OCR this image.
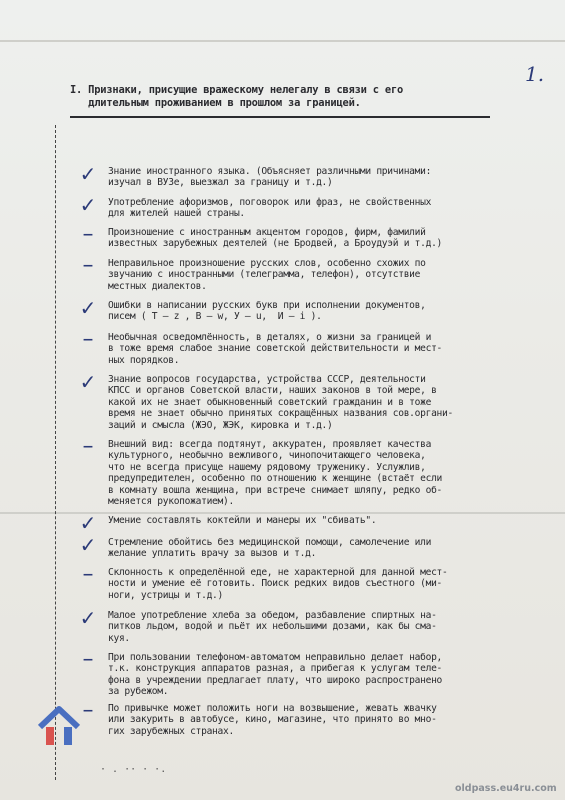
1.
I. Признаки, присущие вражескому нелегалу в связи с его
длительным проживанием в прошлом за границей.
✓	Знание иностранного языка. (Объясняет различными причинами:
изучал в ВУЗе, выезжал за границу и т.д.)
✓	Употребление афоризмов, поговорок или фраз, не свойственных
для жителей нашей страны.
–	Произношение с иностранным акцентом городов, фирм, фамилий
известных зарубежных деятелей (не Бродвей, а Броудуэй и т.д.)
–	Неправильное произношение русских слов, особенно схожих по
звучанию с иностранными (телеграмма, телефон), отсутствие
местных диалектов.
✓	Ошибки в написании русских букв при исполнении документов,
писем ( Т – z , В – w, У – u,  И – i ).
–	Необычная осведомлённость, в деталях, о жизни за границей и
в тоже время слабое знание советской действительности и мест-
ных порядков.
✓	Знание вопросов государства, устройства СССР, деятельности
КПСС и органов Советской власти, наших законов в той мере, в
какой их не знает обыкновенный советский гражданин и в тоже
время не знает обычно принятых сокращённых названия сов.органи-
заций и смысла (ЖЭО, ЖЭК, кировка и т.д.)
–	Внешний вид: всегда подтянут, аккуратен, проявляет качества
культурного, необычно вежливого, чинопочитающего человека,
что не всегда присуще нашему рядовому труженику. Услужлив,
предупредителен, особенно по отношению к женщине (встаёт если
в комнату вошла женщина, при встрече снимает шляпу, редко об-
меняется рукопожатием).
✓	Умение составлять коктейли и манеры их "сбивать".
✓	Стремление обойтись без медицинской помощи, самолечение или
желание уплатить врачу за вызов и т.д.
–	Склонность к определённой еде, не характерной для данной мест-
ности и умение её готовить. Поиск редких видов съестного (ми-
ноги, устрицы и т.д.)
✓	Малое употребление хлеба за обедом, разбавление спиртных на-
питков льдом, водой и пьёт их небольшими дозами, как бы сма-
куя.
–	При пользовании телефоном-автоматом неправильно делает набор,
т.к. конструкция аппаратов разная, а прибегая к услугам теле-
фона в учреждении предлагает плату, что широко распространено
за рубежом.
–	По привычке может положить ноги на возвышение, жевать жвачку
или закурить в автобусе, кино, магазине, что принято во мно-
гих зарубежных странах.
· . ·· · ·.
oldpass.eu4ru.com
